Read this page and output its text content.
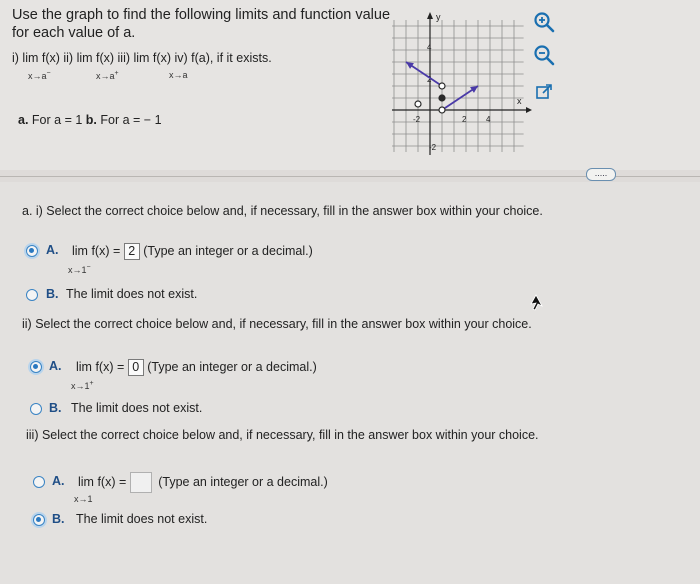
Use the graph to find the following limits and function value
for each value of a.
i) lim f(x) ii) lim f(x) iii) lim f(x) iv) f(a), if it exists.
x→a−	x→a+	x→a
a. For a = 1 b. For a = − 1
y
x
4
2
-2
-2	2 4
.....
a. i) Select the correct choice below and, if necessary, fill in the answer box within your choice.
A. lim f(x) = 2 (Type an integer or a decimal.)
x→1−
B. The limit does not exist.
ii) Select the correct choice below and, if necessary, fill in the answer box within your choice.
A. lim f(x) = 0 (Type an integer or a decimal.)
x→1+
B. The limit does not exist.
iii) Select the correct choice below and, if necessary, fill in the answer box within your choice.
A. lim f(x) =	(Type an integer or a decimal.)
x→1
B. The limit does not exist.
